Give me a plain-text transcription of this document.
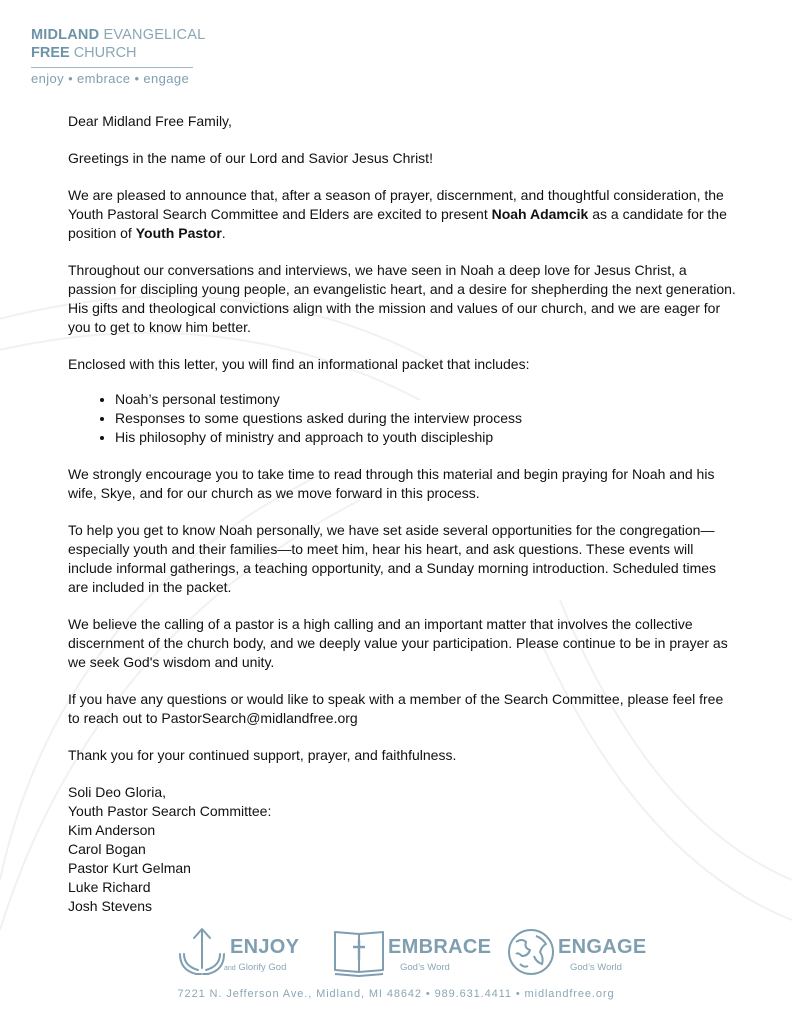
MIDLAND EVANGELICAL
FREE CHURCH
enjoy • embrace • engage

Dear Midland Free Family,

Greetings in the name of our Lord and Savior Jesus Christ!

We are pleased to announce that, after a season of prayer, discernment, and thoughtful consideration, the Youth Pastoral Search Committee and Elders are excited to present Noah Adamcik as a candidate for the position of Youth Pastor.

Throughout our conversations and interviews, we have seen in Noah a deep love for Jesus Christ, a passion for discipling young people, an evangelistic heart, and a desire for shepherding the next generation. His gifts and theological convictions align with the mission and values of our church, and we are eager for you to get to know him better.

Enclosed with this letter, you will find an informational packet that includes:

• Noah’s personal testimony
• Responses to some questions asked during the interview process
• His philosophy of ministry and approach to youth discipleship

We strongly encourage you to take time to read through this material and begin praying for Noah and his wife, Skye, and for our church as we move forward in this process.

To help you get to know Noah personally, we have set aside several opportunities for the congregation—especially youth and their families—to meet him, hear his heart, and ask questions. These events will include informal gatherings, a teaching opportunity, and a Sunday morning introduction. Scheduled times are included in the packet.

We believe the calling of a pastor is a high calling and an important matter that involves the collective discernment of the church body, and we deeply value your participation. Please continue to be in prayer as we seek God's wisdom and unity.

If you have any questions or would like to speak with a member of the Search Committee, please feel free to reach out to PastorSearch@midlandfree.org

Thank you for your continued support, prayer, and faithfulness.

Soli Deo Gloria,
Youth Pastor Search Committee:
Kim Anderson
Carol Bogan
Pastor Kurt Gelman
Luke Richard
Josh Stevens
ENJOY
and Glorify God
EMBRACE
God’s Word
ENGAGE
God’s World
7221 N. Jefferson Ave., Midland, MI 48642 • 989.631.4411 • midlandfree.org
